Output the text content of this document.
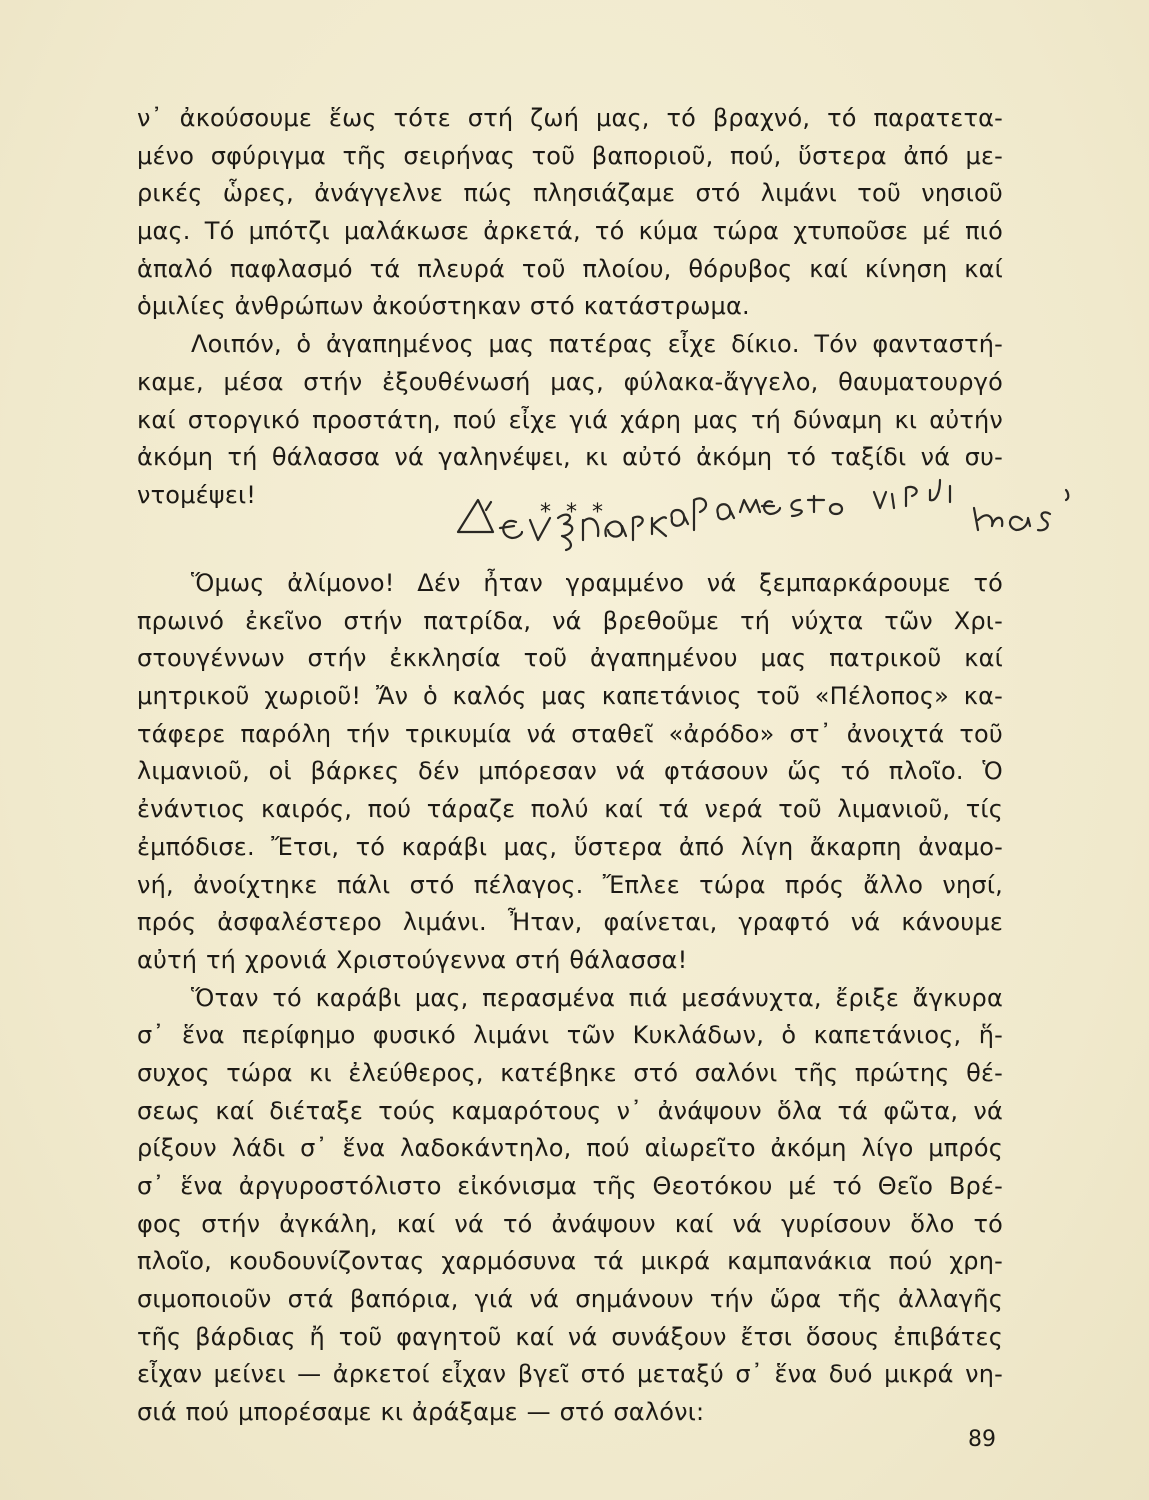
ν᾽ ἀκούσουμε ἕως τότε στή ζωή μας, τό βραχνό, τό παρατετα-
μένο σφύριγμα τῆς σειρήνας τοῦ βαποριοῦ, πού, ὕστερα ἀπό με-
ρικές ὧρες, ἀνάγγελνε πώς πλησιάζαμε στό λιμάνι τοῦ νησιοῦ
μας. Τό μπότζι μαλάκωσε ἀρκετά, τό κύμα τώρα χτυποῦσε μέ πιό
ἁπαλό παφλασμό τά πλευρά τοῦ πλοίου, θόρυβος καί κίνηση καί
ὁμιλίες ἀνθρώπων ἀκούστηκαν στό κατάστρωμα.
Λοιπόν, ὁ ἀγαπημένος μας πατέρας εἶχε δίκιο. Τόν φανταστή-
καμε, μέσα στήν ἐξουθένωσή μας, φύλακα-ἄγγελο, θαυματουργό
καί στοργικό προστάτη, πού εἶχε γιά χάρη μας τή δύναμη κι αὐτήν
ἀκόμη τή θάλασσα νά γαληνέψει, κι αὐτό ἀκόμη τό ταξίδι νά συ-
ντομέψει!
* * *
Ὅμως ἀλίμονο! Δέν ἦταν γραμμένο νά ξεμπαρκάρουμε τό
πρωινό ἐκεῖνο στήν πατρίδα, νά βρεθοῦμε τή νύχτα τῶν Χρι-
στουγέννων στήν ἐκκλησία τοῦ ἀγαπημένου μας πατρικοῦ καί
μητρικοῦ χωριοῦ! Ἄν ὁ καλός μας καπετάνιος τοῦ «Πέλοπος» κα-
τάφερε παρόλη τήν τρικυμία νά σταθεῖ «ἀρόδο» στ᾽ ἀνοιχτά τοῦ
λιμανιοῦ, οἱ βάρκες δέν μπόρεσαν νά φτάσουν ὥς τό πλοῖο. Ὁ
ἐνάντιος καιρός, πού τάραζε πολύ καί τά νερά τοῦ λιμανιοῦ, τίς
ἐμπόδισε. Ἔτσι, τό καράβι μας, ὕστερα ἀπό λίγη ἄκαρπη ἀναμο-
νή, ἀνοίχτηκε πάλι στό πέλαγος. Ἔπλεε τώρα πρός ἄλλο νησί,
πρός ἀσφαλέστερο λιμάνι. Ἦταν, φαίνεται, γραφτό νά κάνουμε
αὐτή τή χρονιά Χριστούγεννα στή θάλασσα!
Ὅταν τό καράβι μας, περασμένα πιά μεσάνυχτα, ἔριξε ἄγκυρα
σ᾽ ἕνα περίφημο φυσικό λιμάνι τῶν Κυκλάδων, ὁ καπετάνιος, ἥ-
συχος τώρα κι ἐλεύθερος, κατέβηκε στό σαλόνι τῆς πρώτης θέ-
σεως καί διέταξε τούς καμαρότους ν᾽ ἀνάψουν ὅλα τά φῶτα, νά
ρίξουν λάδι σ᾽ ἕνα λαδοκάντηλο, πού αἰωρεῖτο ἀκόμη λίγο μπρός
σ᾽ ἕνα ἀργυροστόλιστο εἰκόνισμα τῆς Θεοτόκου μέ τό Θεῖο Βρέ-
φος στήν ἀγκάλη, καί νά τό ἀνάψουν καί νά γυρίσουν ὅλο τό
πλοῖο, κουδουνίζοντας χαρμόσυνα τά μικρά καμπανάκια πού χρη-
σιμοποιοῦν στά βαπόρια, γιά νά σημάνουν τήν ὥρα τῆς ἀλλαγῆς
τῆς βάρδιας ἤ τοῦ φαγητοῦ καί νά συνάξουν ἔτσι ὅσους ἐπιβάτες
εἶχαν μείνει — ἀρκετοί εἶχαν βγεῖ στό μεταξύ σ᾽ ἕνα δυό μικρά νη-
σιά πού μπορέσαμε κι ἀράξαμε — στό σαλόνι:
89
